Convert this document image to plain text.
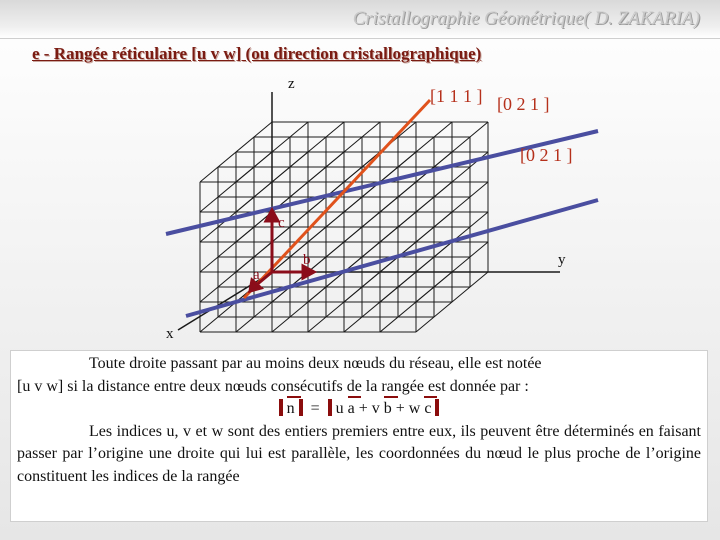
Cristallographie Géométrique( D. ZAKARIA)
e - Rangée réticulaire [u v w] (ou direction cristallographique)
z
y
x
a
b
c
[1 1 1 ] [0 2 1 ]
[0 2 1 ]

Toute droite passant par au moins deux nœuds du réseau, elle est notée

[u v w] si la distance entre deux nœuds consécutifs de la rangée est donnée par :

n = u a + v b + w c

Les indices u, v et w sont des entiers premiers entre eux, ils peuvent être déterminés en faisant passer par l’origine une droite qui lui est parallèle, les coordonnées du nœud le plus proche de l’origine constituent les indices de la rangée
